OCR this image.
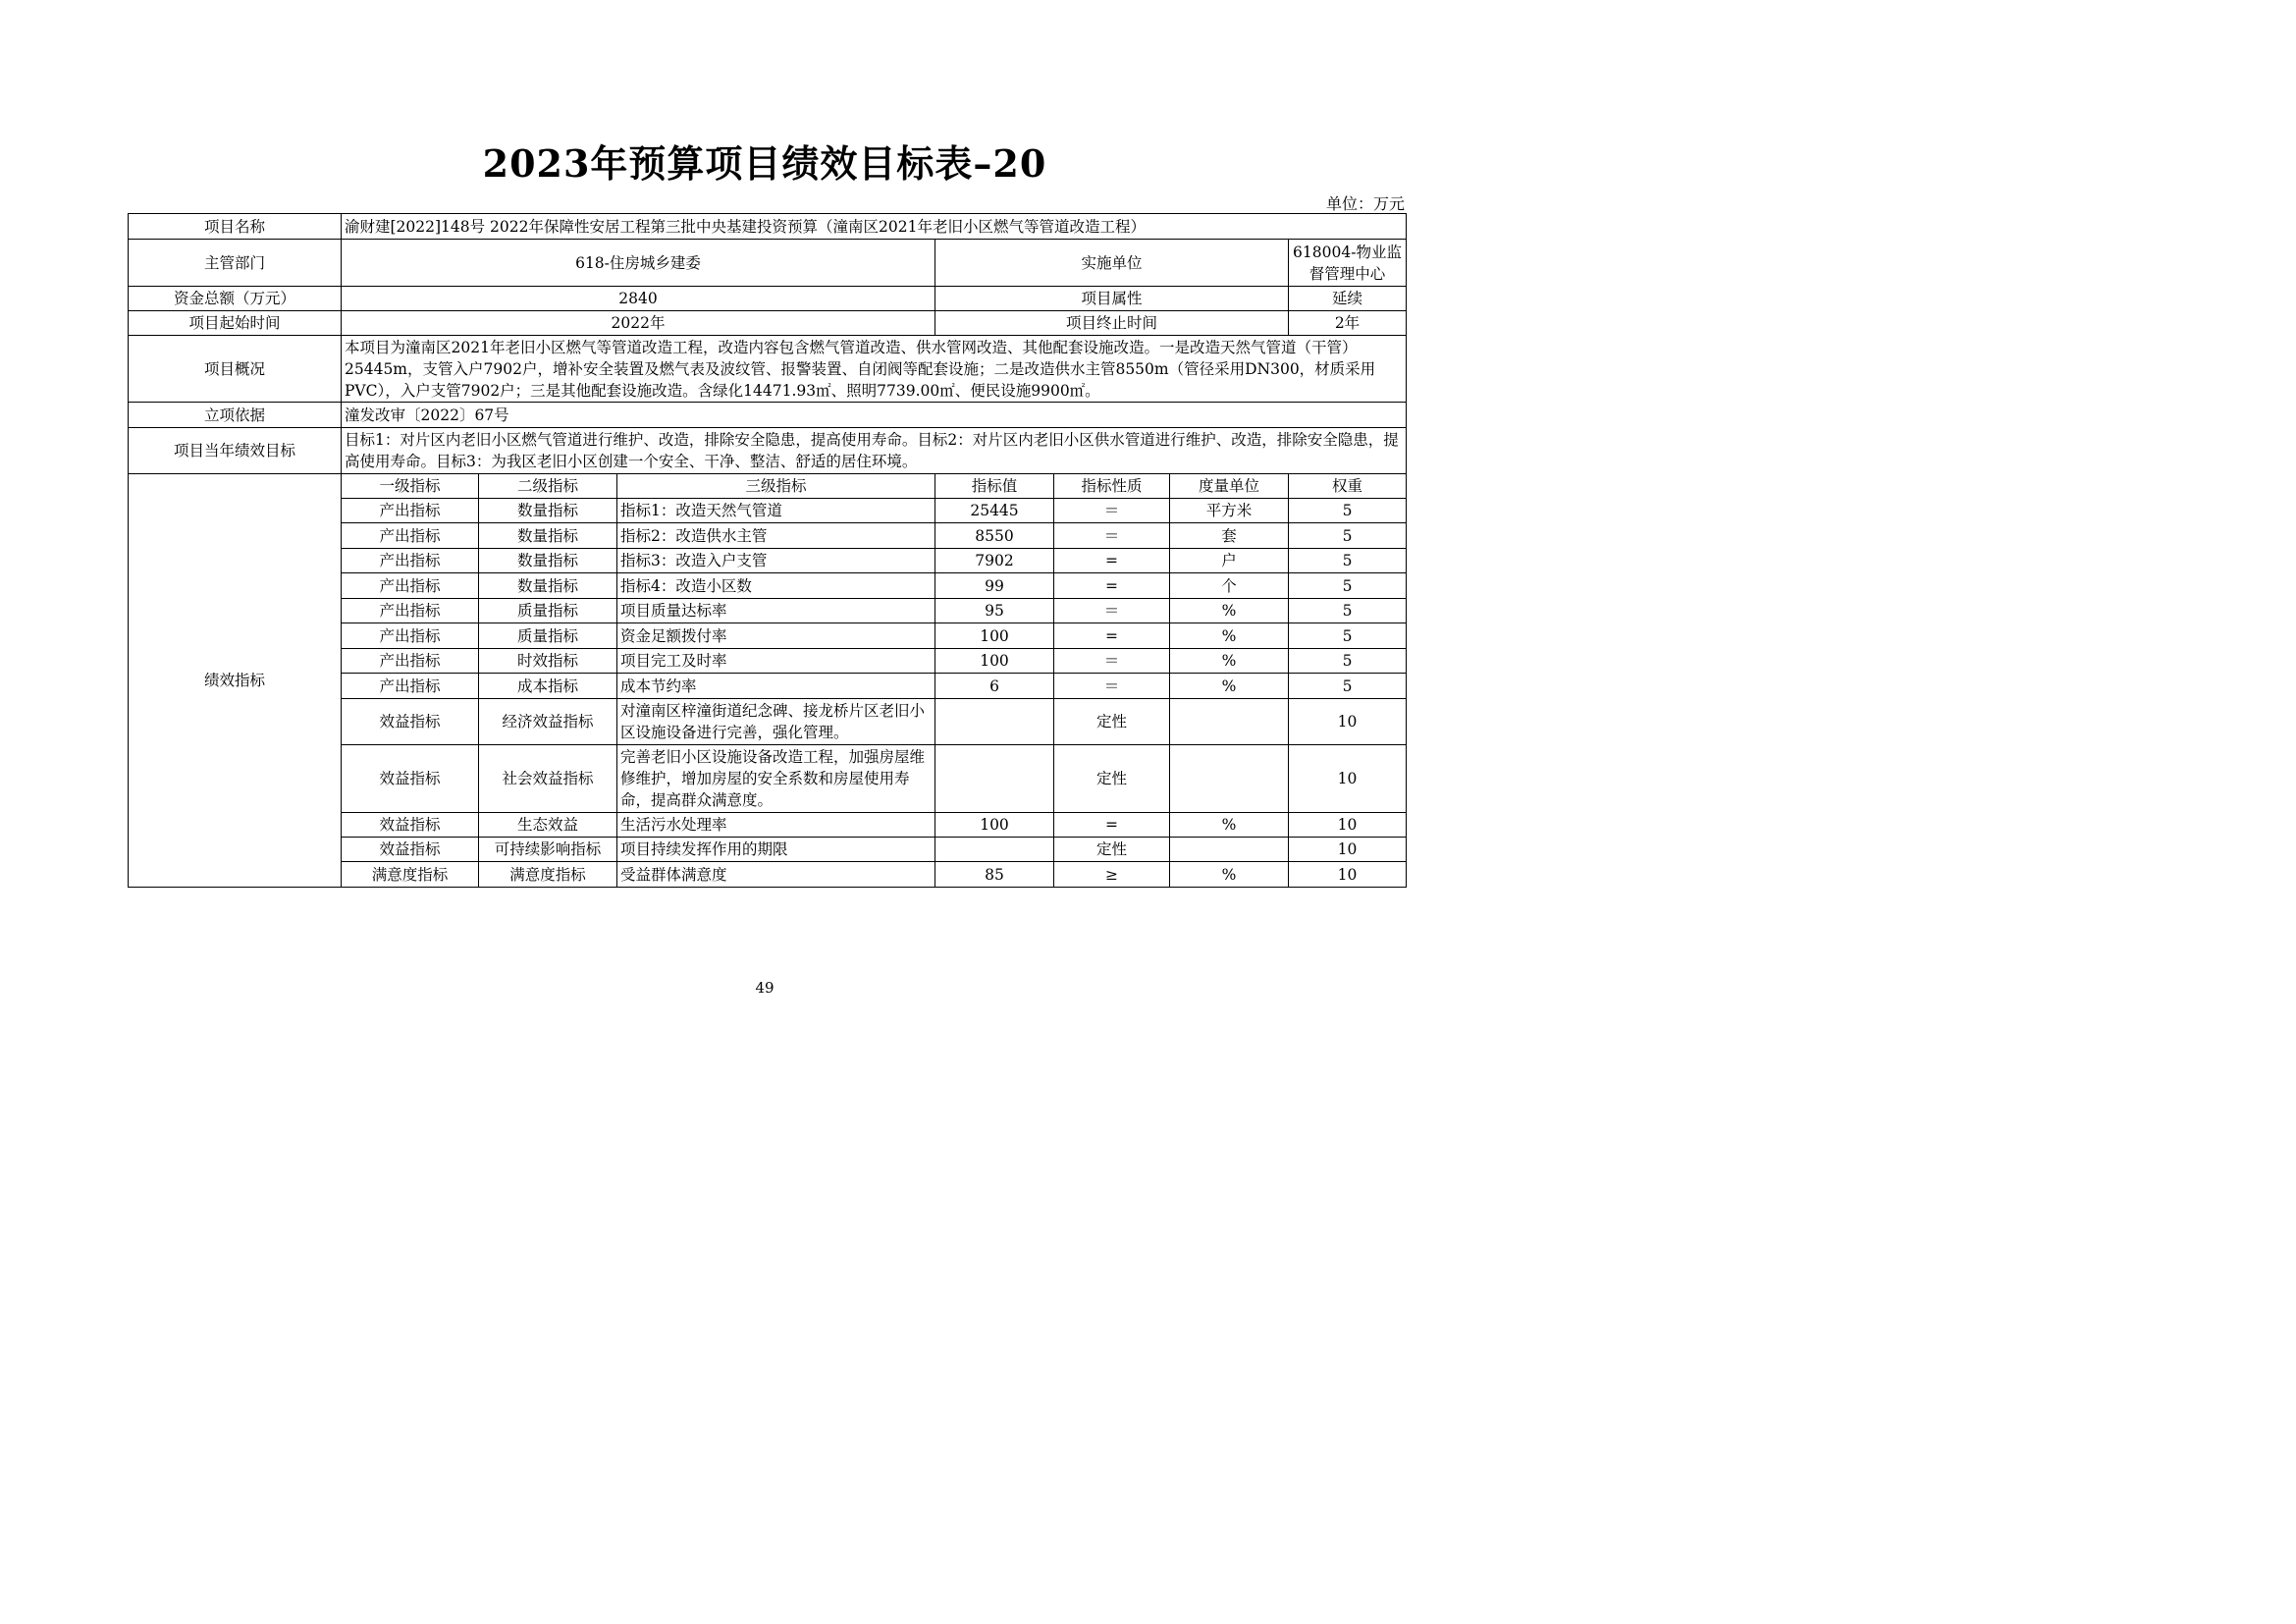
2023年预算项目绩效目标表–20
单位：万元
项目名称	渝财建[2022]148号 2022年保障性安居工程第三批中央基建投资预算（潼南区2021年老旧小区燃气等管道改造工程）						
主管部门	618-住房城乡建委			实施单位			618004-物业监督管理中心
资金总额（万元）	2840			项目属性			延续
项目起始时间	2022年			项目终止时间			2年
项目概况	本项目为潼南区2021年老旧小区燃气等管道改造工程，改造内容包含燃气管道改造、供水管网改造、其他配套设施改造。一是改造天然气管道（干管）25445m，支管入户7902户，增补安全装置及燃气表及波纹管、报警装置、自闭阀等配套设施；二是改造供水主管8550m（管径采用DN300，材质采用PVC），入户支管7902户；三是其他配套设施改造。含绿化14471.93㎡、照明7739.00㎡、便民设施9900㎡。						
立项依据	潼发改审〔2022〕67号						
项目当年绩效目标	目标1：对片区内老旧小区燃气管道进行维护、改造，排除安全隐患，提高使用寿命。目标2：对片区内老旧小区供水管道进行维护、改造，排除安全隐患，提高使用寿命。目标3：为我区老旧小区创建一个安全、干净、整洁、舒适的居住环境。						
绩效指标	一级指标	二级指标	三级指标	指标值	指标性质	度量单位	权重
	产出指标	数量指标	指标1：改造天然气管道	25445	＝	平方米	5
	产出指标	数量指标	指标2：改造供水主管	8550	＝	套	5
	产出指标	数量指标	指标3：改造入户支管	7902	=	户	5
	产出指标	数量指标	指标4：改造小区数	99	=	个	5
	产出指标	质量指标	项目质量达标率	95	＝	%	5
	产出指标	质量指标	资金足额拨付率	100	=	%	5
	产出指标	时效指标	项目完工及时率	100	＝	%	5
	产出指标	成本指标	成本节约率	6	＝	%	5
	效益指标	经济效益指标	对潼南区梓潼街道纪念碑、接龙桥片区老旧小区设施设备进行完善，强化管理。		定性		10
	效益指标	社会效益指标	完善老旧小区设施设备改造工程，加强房屋维修维护，增加房屋的安全系数和房屋使用寿命，提高群众满意度。		定性		10
	效益指标	生态效益	生活污水处理率	100	=	%	10
	效益指标	可持续影响指标	项目持续发挥作用的期限		定性		10
	满意度指标	满意度指标	受益群体满意度	85	≥	%	10
49
